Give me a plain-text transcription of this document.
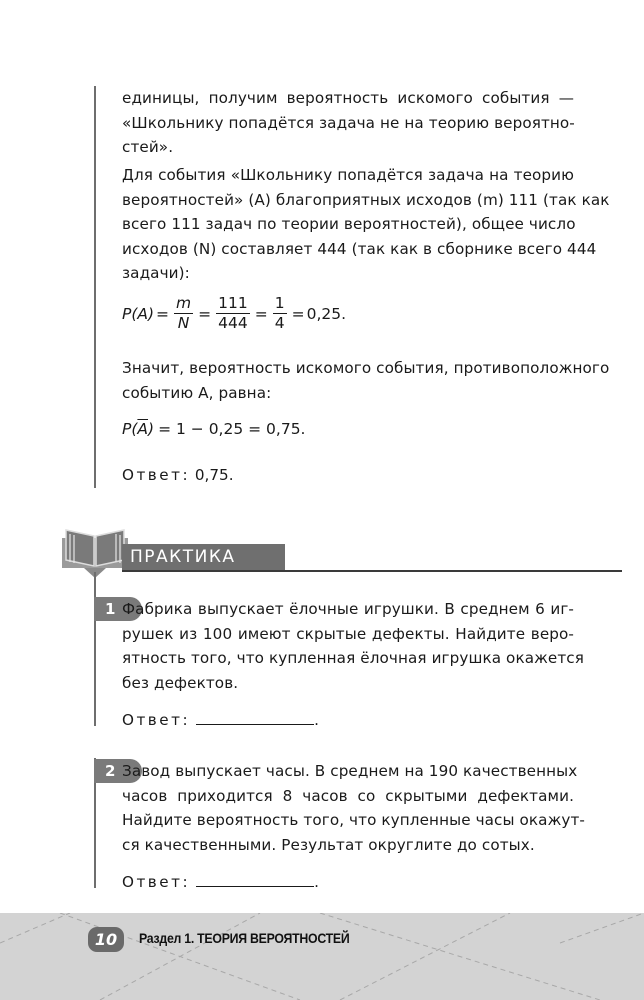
единицы, получим вероятность искомого события —
«Школьнику попадётся задача не на теорию вероятно-
стей».
Для события «Школьнику попадётся задача на теорию
вероятностей» (А) благоприятных исходов (m) 111 (так как
всего 111 задач по теории вероятностей), общее число
исходов (N) составляет 444 (так как в сборнике всего 444
задачи):
$P(A) = \frac{m}{N} = \frac{111}{444} = \frac{1}{4} = 0,25$.
Значит, вероятность искомого события, противоположного
событию A, равна:
P( $\overline{A}$ ) = 1 − 0,25 = 0,75.
Ответ: 0,75.
ПРАКТИКА
1 Фабрика выпускает ёлочные игрушки. В среднем 6 иг-
рушек из 100 имеют скрытые дефекты. Найдите веро-
ятность того, что купленная ёлочная игрушка окажется
без дефектов.
Ответ:	.
2 Завод выпускает часы. В среднем на 190 качественных
часов приходится 8 часов со скрытыми дефектами.
Найдите вероятность того, что купленные часы окажут-
ся качественными. Результат округлите до сотых.
Ответ:	.
10	Раздел 1. ТЕОРИЯ ВЕРОЯТНОСТЕЙ
